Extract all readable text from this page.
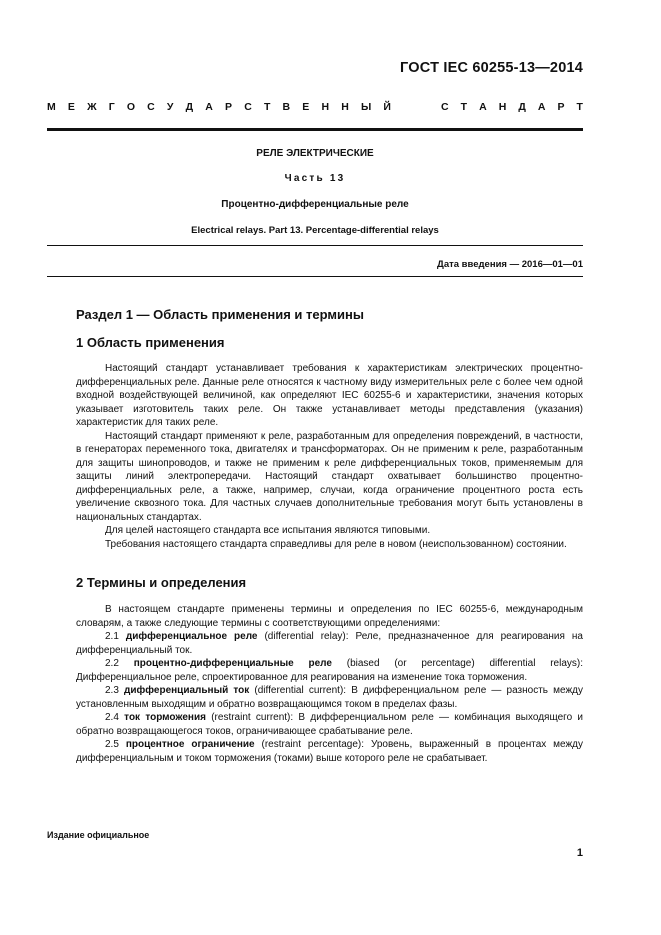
ГОСТ IEC 60255-13—2014
М Е Ж Г О С У Д А Р С Т В Е Н Н Ы Й	С Т А Н Д А Р Т
РЕЛЕ ЭЛЕКТРИЧЕСКИЕ
Часть 13
Процентно-дифференциальные реле
Electrical relays. Part 13. Percentage-differential relays
Дата введения — 2016—01—01
Раздел 1 — Область применения и термины
1 Область применения

Настоящий стандарт устанавливает требования к характеристикам электрических процентно-дифференциальных реле. Данные реле относятся к частному виду измерительных реле с более чем одной входной воздействующей величиной, как определяют IEC 60255-6 и характеристики, значения которых указывает изготовитель таких реле. Он также устанавливает методы представления (указания) характеристик для таких реле.

Настоящий стандарт применяют к реле, разработанным для определения повреждений, в частности, в генераторах переменного тока, двигателях и трансформаторах. Он не применим к реле, разработанным для защиты шинопроводов, и также не применим к реле дифференциальных токов, применяемым для защиты линий электропередачи. Настоящий стандарт охватывает большинство процентно-дифференциальных реле, а также, например, случаи, когда ограничение процентного роста есть увеличение сквозного тока. Для частных случаев дополнительные требования могут быть установлены в национальных стандартах.

Для целей настоящего стандарта все испытания являются типовыми.

Требования настоящего стандарта справедливы для реле в новом (неиспользованном) состоянии.

2 Термины и определения

В настоящем стандарте применены термины и определения по IEC 60255-6, международным словарям, а также следующие термины с соответствующими определениями:

2.1 дифференциальное реле (differential relay): Реле, предназначенное для реагирования на дифференциальный ток.

2.2 процентно-дифференциальные реле (biased (or percentage) differential relays): Дифференциальное реле, спроектированное для реагирования на изменение тока торможения.

2.3 дифференциальный ток (differential current): В дифференциальном реле — разность между установленным выходящим и обратно возвращающимся током в пределах фазы.

2.4 ток торможения (restraint current): В дифференциальном реле — комбинация выходящего и обратно возвращающегося токов, ограничивающее срабатывание реле.

2.5 процентное ограничение (restraint percentage): Уровень, выраженный в процентах между дифференциальным и током торможения (токами) выше которого реле не срабатывает.

Издание официальное
1
